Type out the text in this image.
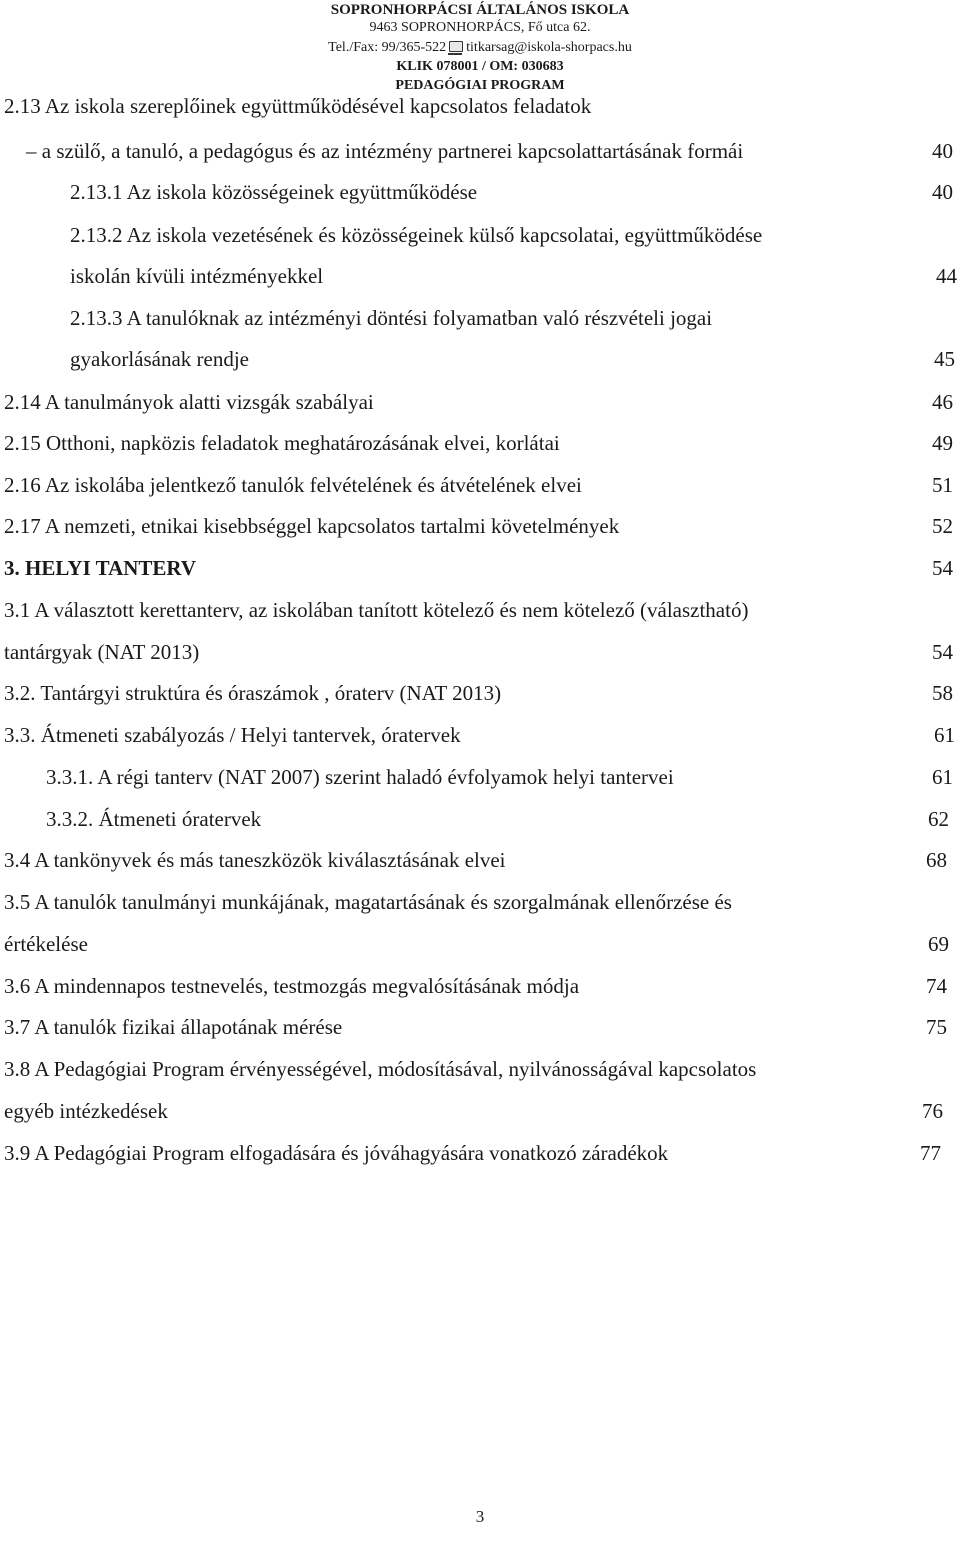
SOPRONHORPÁCSI ÁLTALÁNOS ISKOLA
9463 SOPRONHORPÁCS, Fő utca 62.
Tel./Fax: 99/365-522 titkarsag@iskola-shorpacs.hu
KLIK 078001 / OM: 030683
PEDAGÓGIAI PROGRAM
2.13 Az iskola szereplőinek együttműködésével kapcsolatos feladatok
– a szülő, a tanuló, a pedagógus és az intézmény partnerei kapcsolattartásának formái	40
2.13.1 Az iskola közösségeinek együttműködése	40
2.13.2 Az iskola vezetésének és közösségeinek külső kapcsolatai, együttműködése
iskolán kívüli intézményekkel	44
2.13.3 A tanulóknak az intézményi döntési folyamatban való részvételi jogai
gyakorlásának rendje	45
2.14 A tanulmányok alatti vizsgák szabályai	46
2.15 Otthoni, napközis feladatok meghatározásának elvei, korlátai	49
2.16 Az iskolába jelentkező tanulók felvételének és átvételének elvei	51
2.17 A nemzeti, etnikai kisebbséggel kapcsolatos tartalmi követelmények	52
3. HELYI TANTERV	54
3.1 A választott kerettanterv, az iskolában tanított kötelező és nem kötelező (választható)
tantárgyak (NAT 2013)	54
3.2. Tantárgyi struktúra és óraszámok , óraterv (NAT 2013)	58
3.3. Átmeneti szabályozás / Helyi tantervek, óratervek	61
3.3.1. A régi tanterv (NAT 2007) szerint haladó évfolyamok helyi tantervei	61
3.3.2. Átmeneti óratervek	62
3.4 A tankönyvek és más taneszközök kiválasztásának elvei	68
3.5 A tanulók tanulmányi munkájának, magatartásának és szorgalmának ellenőrzése és
értékelése	69
3.6 A mindennapos testnevelés, testmozgás megvalósításának módja	74
3.7 A tanulók fizikai állapotának mérése	75
3.8 A Pedagógiai Program érvényességével, módosításával, nyilvánosságával kapcsolatos
egyéb intézkedések	76
3.9 A Pedagógiai Program elfogadására és jóváhagyására vonatkozó záradékok	77
3
